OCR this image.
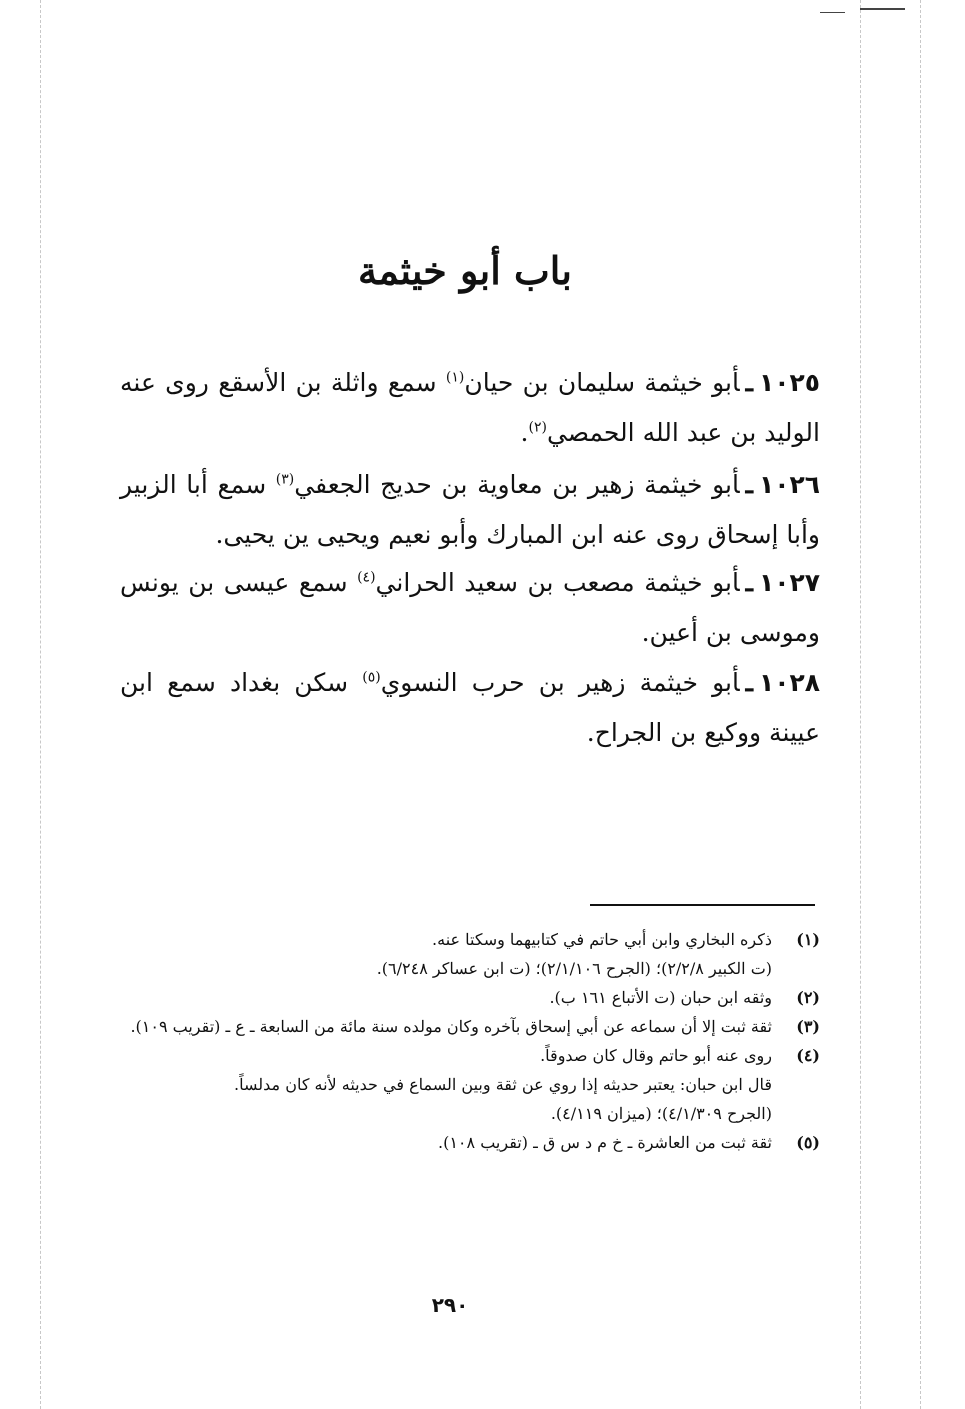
باب أبو خيثمة

١٠٢٥ـأبو خيثمة سليمان بن حيان$^{(١)}$ سمع واثلة بن الأسقع روى عنه الوليد بن عبد الله الحمصي$^{(٢)}$.

١٠٢٦ـأبو خيثمة زهير بن معاوية بن حديج الجعفي$^{(٣)}$ سمع أبا الزبير وأبا إسحاق روى عنه ابن المبارك وأبو نعيم ويحيى ين يحيى.

١٠٢٧ـأبو خيثمة مصعب بن سعيد الحراني$^{(٤)}$ سمع عيسى بن يونس وموسى بن أعين.

١٠٢٨ـأبو خيثمة زهير بن حرب النسوي$^{(٥)}$ سكن بغداد سمع ابن عيينة ووكيع بن الجراح.

(١)
ذكره البخاري وابن أبي حاتم في كتابيهما وسكتا عنه.
(ت الكبير ٢/٢/٨)؛ (الجرح ٢/١/١٠٦)؛ (ت ابن عساكر ٦/٢٤٨).
(٢)
وثقه ابن حبان (ت الأتباع ١٦١ ب).
(٣)
ثقة ثبت إلا أن سماعه عن أبي إسحاق بآخره وكان مولده سنة مائة من السابعة ـ ع ـ (تقريب ١٠٩).
(٤)
روى عنه أبو حاتم وقال كان صدوقاً.
قال ابن حبان: يعتبر حديثه إذا روي عن ثقة وبين السماع في حديثه لأنه كان مدلساً.
(الجرح ٤/١/٣٠٩)؛ (ميزان ٤/١١٩).
(٥)
ثقة ثبت من العاشرة ـ خ م د س ق ـ (تقريب ١٠٨).
٢٩٠
